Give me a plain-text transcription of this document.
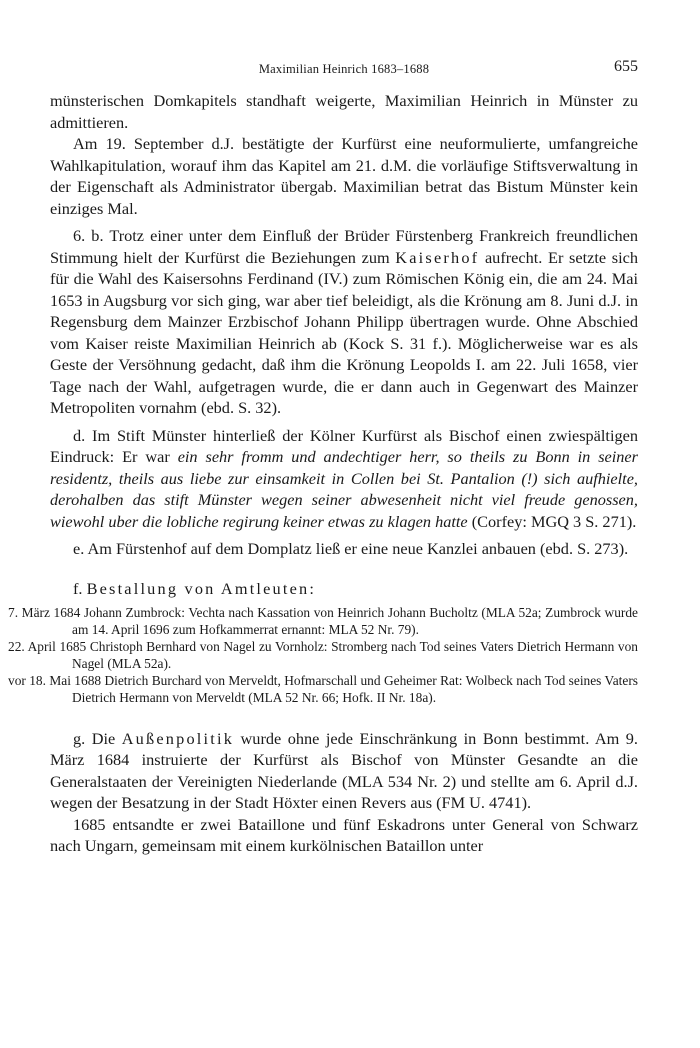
Maximilian Heinrich 1683–1688	655

münsterischen Domkapitels standhaft weigerte, Maximilian Heinrich in Münster zu admittieren.

Am 19. September d.J. bestätigte der Kurfürst eine neuformulierte, umfangreiche Wahlkapitulation, worauf ihm das Kapitel am 21. d.M. die vorläufige Stiftsverwaltung in der Eigenschaft als Administrator übergab. Maximilian betrat das Bistum Münster kein einziges Mal.

6. b. Trotz einer unter dem Einfluß der Brüder Fürstenberg Frankreich freundlichen Stimmung hielt der Kurfürst die Beziehungen zum Kaiserhof aufrecht. Er setzte sich für die Wahl des Kaisersohns Ferdinand (IV.) zum Römischen König ein, die am 24. Mai 1653 in Augsburg vor sich ging, war aber tief beleidigt, als die Krönung am 8. Juni d.J. in Regensburg dem Mainzer Erzbischof Johann Philipp übertragen wurde. Ohne Abschied vom Kaiser reiste Maximilian Heinrich ab (Kock S. 31 f.). Möglicherweise war es als Geste der Versöhnung gedacht, daß ihm die Krönung Leopolds I. am 22. Juli 1658, vier Tage nach der Wahl, aufgetragen wurde, die er dann auch in Gegenwart des Mainzer Metropoliten vornahm (ebd. S. 32).

d. Im Stift Münster hinterließ der Kölner Kurfürst als Bischof einen zwiespältigen Eindruck: Er war ein sehr fromm und andechtiger herr, so theils zu Bonn in seiner residentz, theils aus liebe zur einsamkeit in Collen bei St. Pantalion (!) sich aufhielte, derohalben das stift Münster wegen seiner abwesenheit nicht viel freude genossen, wiewohl uber die lobliche regirung keiner etwas zu klagen hatte (Corfey: MGQ 3 S. 271).

e. Am Fürstenhof auf dem Domplatz ließ er eine neue Kanzlei anbauen (ebd. S. 273).

f. Bestallung von Amtleuten:
7. März 1684 Johann Zumbrock: Vechta nach Kassation von Heinrich Johann Bucholtz (MLA 52a; Zumbrock wurde am 14. April 1696 zum Hofkammerrat ernannt: MLA 52 Nr. 79).
22. April 1685 Christoph Bernhard von Nagel zu Vornholz: Stromberg nach Tod seines Vaters Dietrich Hermann von Nagel (MLA 52a).
vor 18. Mai 1688 Dietrich Burchard von Merveldt, Hofmarschall und Geheimer Rat: Wolbeck nach Tod seines Vaters Dietrich Hermann von Merveldt (MLA 52 Nr. 66; Hofk. II Nr. 18a).

g. Die Außenpolitik wurde ohne jede Einschränkung in Bonn bestimmt. Am 9. März 1684 instruierte der Kurfürst als Bischof von Münster Gesandte an die Generalstaaten der Vereinigten Niederlande (MLA 534 Nr. 2) und stellte am 6. April d.J. wegen der Besatzung in der Stadt Höxter einen Revers aus (FM U. 4741).

1685 entsandte er zwei Bataillone und fünf Eskadrons unter General von Schwarz nach Ungarn, gemeinsam mit einem kurkölnischen Bataillon unter
